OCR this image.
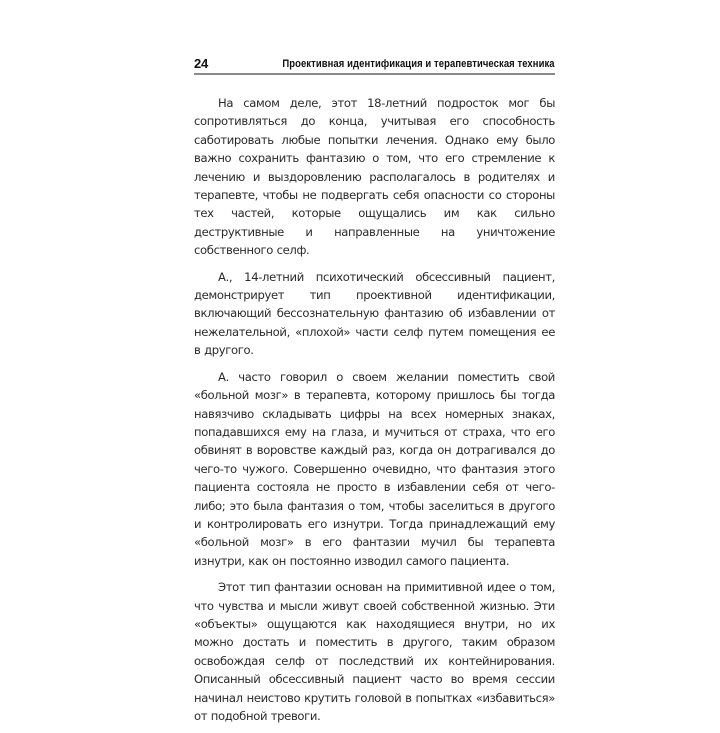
24	Проективная идентификация и терапевтическая техника

На самом деле, этот 18-летний подросток мог бы сопротивляться до конца, учитывая его способность саботировать любые попытки лечения. Однако ему было важно сохранить фантазию о том, что его стремление к лечению и выздоровлению располагалось в родителях и терапевте, чтобы не подвергать себя опасности со стороны тех частей, которые ощущались им как сильно деструктивные и направленные на уничтожение собственного селф.

А., 14-летний психотический обсессивный пациент, демонстрирует тип проективной идентификации, включающий бессознательную фантазию об избавлении от нежелательной, «плохой» части селф путем помещения ее в другого.

А. часто говорил о своем желании поместить свой «больной мозг» в терапевта, которому пришлось бы тогда навязчиво складывать цифры на всех номерных знаках, попадавшихся ему на глаза, и мучиться от страха, что его обвинят в воровстве каждый раз, когда он дотрагивался до чего-то чужого. Совершенно очевидно, что фантазия этого пациента состояла не просто в избавлении себя от чего-либо; это была фантазия о том, чтобы заселиться в другого и контролировать его изнутри. Тогда принадлежащий ему «больной мозг» в его фантазии мучил бы терапевта изнутри, как он постоянно изводил самого пациента.

Этот тип фантазии основан на примитивной идее о том, что чувства и мысли живут своей собственной жизнью. Эти «объекты» ощущаются как находящиеся внутри, но их можно достать и поместить в другого, таким образом освобождая селф от последствий их контейнирования. Описанный обсессивный пациент часто во время сессии начинал неистово крутить головой в попытках «избавиться» от подобной тревоги.
